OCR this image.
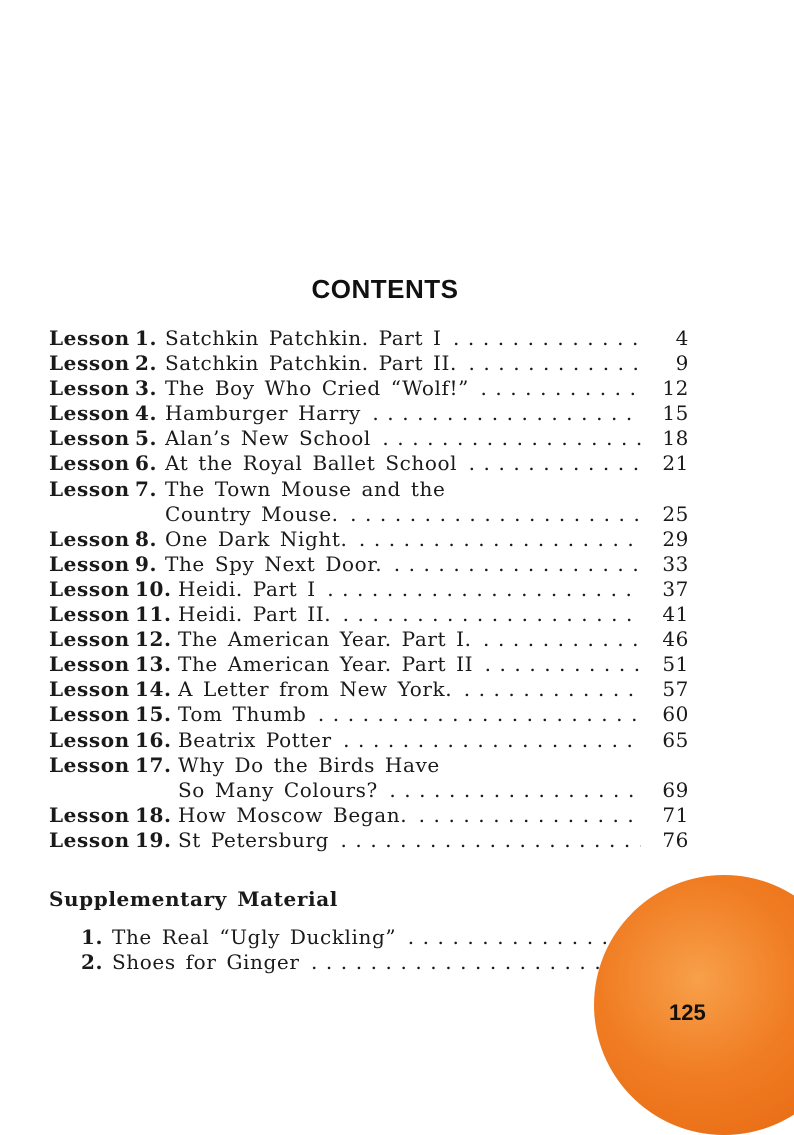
CONTENTS
Lesson 1. Satchkin Patchkin. Part I . . .	4
Lesson 2. Satchkin Patchkin. Part II. . . .	9
Lesson 3. The Boy Who Cried “Wolf!” . . .	12
Lesson 4. Hamburger Harry . . .	15
Lesson 5. Alan’s New School . . .	18
Lesson 6. At the Royal Ballet School . . .	21
Lesson 7. The Town Mouse and the
Country Mouse. . . .	25
Lesson 8. One Dark Night. . . .	29
Lesson 9. The Spy Next Door. . . .	33
Lesson 10. Heidi. Part I . . .	37
Lesson 11. Heidi. Part II. . . .	41
Lesson 12. The American Year. Part I. . . .	46
Lesson 13. The American Year. Part II . . .	51
Lesson 14. A Letter from New York. . . .	57
Lesson 15. Tom Thumb . . .	60
Lesson 16. Beatrix Potter . . .	65
Lesson 17. Why Do the Birds Have
So Many Colours? . . .	69
Lesson 18. How Moscow Began. . . .	71
Lesson 19. St Petersburg . . .	76
Supplementary Material
1. The Real “Ugly Duckling” . . .
2. Shoes for Ginger . . .
125
